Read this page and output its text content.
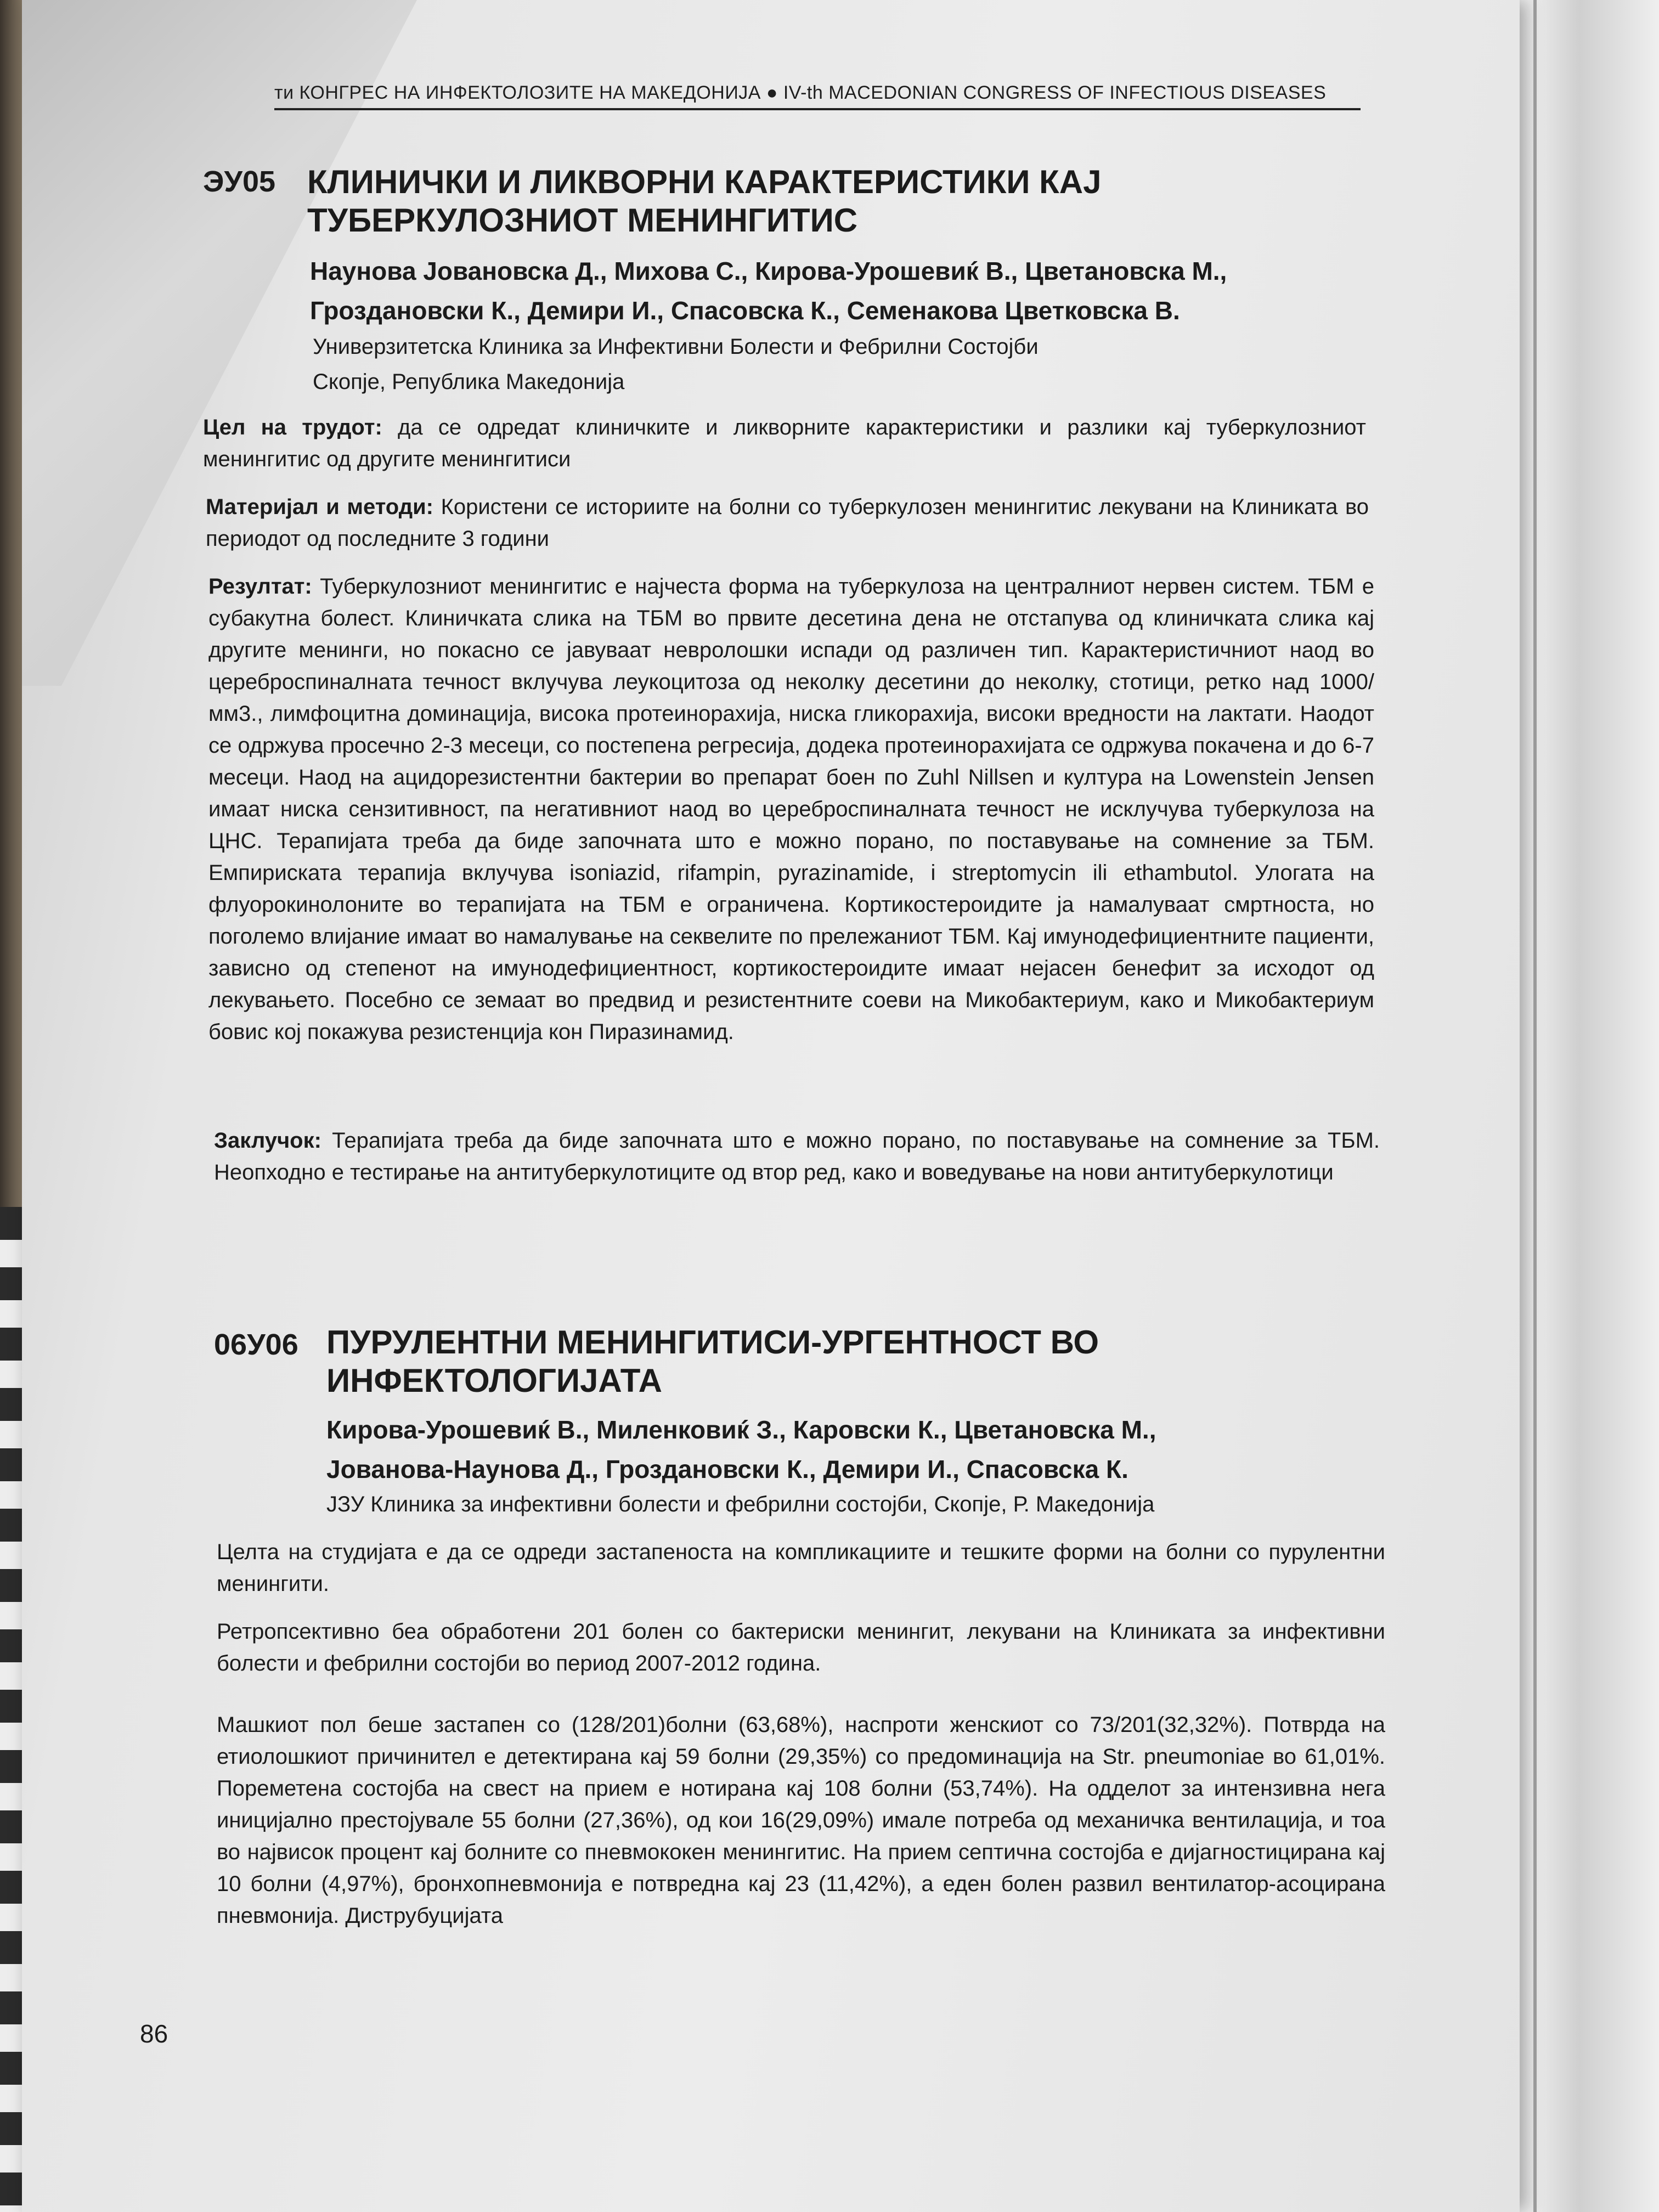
ти КОНГРЕС НА ИНФЕКТОЛОЗИТЕ НА МАКЕДОНИЈА ● IV-th MACEDONIAN CONGRESS OF INFECTIOUS DISEASES
ЭУ05 КЛИНИЧКИ И ЛИКВОРНИ КАРАКТЕРИСТИКИ КАЈ
ТУБЕРКУЛОЗНИОТ МЕНИНГИТИС
Наунова Јовановска Д., Михова С., Кирова-Урошевиќ В., Цветановска М.,
Гроздановски К., Демири И., Спасовска К., Семенакова Цветковска В.
Универзитетска Клиника за Инфективни Болести и Фебрилни Состојби
Скопје, Република Македонија

Цел на трудот: да се одредат клиничките и ликворните карактеристики и разлики кај туберкулозниот менингитис од другите менингитиси

Материјал и методи: Користени се историите на болни со туберкулозен менингитис лекувани на Клиниката во периодот од последните 3 години

Резултат: Туберкулозниот менингитис е најчеста форма на туберкулоза на централниот нервен систем. ТБМ е субакутна болест. Клиничката слика на ТБМ во првите десетина дена не отстапува од клиничката слика кај другите менинги, но покасно се јавуваат невролошки испади од различен тип. Карактеристичниот наод во цереброспиналната течност вклучува леукоцитоза од неколку десетини до неколку, стотици, ретко над 1000/мм3., лимфоцитна доминација, висока протеинорахија, ниска гликорахија, високи вредности на лактати. Наодот се одржува просечно 2-3 месеци, со постепена регресија, додека протеинорахијата се одржува покачена и до 6-7 месеци. Наод на ацидорезистентни бактерии во препарат боен по Zuhl Nillsen и култура на Lowenstein Jensen имаат ниска сензитивност, па негативниот наод во цереброспиналната течност не исклучува туберкулоза на ЦНС. Терапијата треба да биде започната што е можно порано, по поставување на сомнение за ТБМ. Емпириската терапија вклучува isoniazid, rifampin, pyrazinamide, i streptomycin ili ethambutol. Улогата на флуорокинолоните во терапијата на ТБМ е ограничена. Кортикостероидите ја намалуваат смртноста, но поголемо влијание имаат во намалување на секвелите по прележаниот ТБМ. Кај имунодефициентните пациенти, зависно од степенот на имунодефициентност, кортикостероидите имаат нејасен бенефит за исходот од лекувањето. Посебно се земаат во предвид и резистентните соеви на Микобактериум, како и Микобактериум бовис кој покажува резистенција кон Пиразинамид.

Заклучок: Терапијата треба да биде започната што е можно порано, по поставување на сомнение за ТБМ. Неопходно е тестирање на антитуберкулотиците од втор ред, како и воведување на нови антитуберкулотици

06У06 ПУРУЛЕНТНИ МЕНИНГИТИСИ-УРГЕНТНОСТ ВО
ИНФЕКТОЛОГИЈАТА
Кирова-Урошевиќ В., Миленковиќ З., Каровски К., Цветановска М.,
Јованова-Наунова Д., Гроздановски К., Демири И., Спасовска К.
ЈЗУ Клиника за инфективни болести и фебрилни состојби, Скопје, Р. Македонија

Целта на студијата е да се одреди застапеноста на компликациите и тешките форми на болни со пурулентни менингити.

Ретропсективно беа обработени 201 болен со бактериски менингит, лекувани на Клиниката за инфективни болести и фебрилни состојби во период 2007-2012 година.

Машкиот пол беше застапен со (128/201)болни (63,68%), наспроти женскиот со 73/201(32,32%). Потврда на етиолошкиот причинител е детектирана кај 59 болни (29,35%) со предоминација на Str. pneumoniae во 61,01%. Пореметена состојба на свест на прием е нотирана кај 108 болни (53,74%). На одделот за интензивна нега иницијално престојувале 55 болни (27,36%), од кои 16(29,09%) имале потреба од механичка вентилација, и тоа во највисок процент кај болните со пневмококен менингитис. На прием септична состојба е дијагностицирана кај 10 болни (4,97%), бронхопневмонија е потвредна кај 23 (11,42%), а еден болен развил вентилатор-асоцирана пневмонија. Диструбуцијата

86
